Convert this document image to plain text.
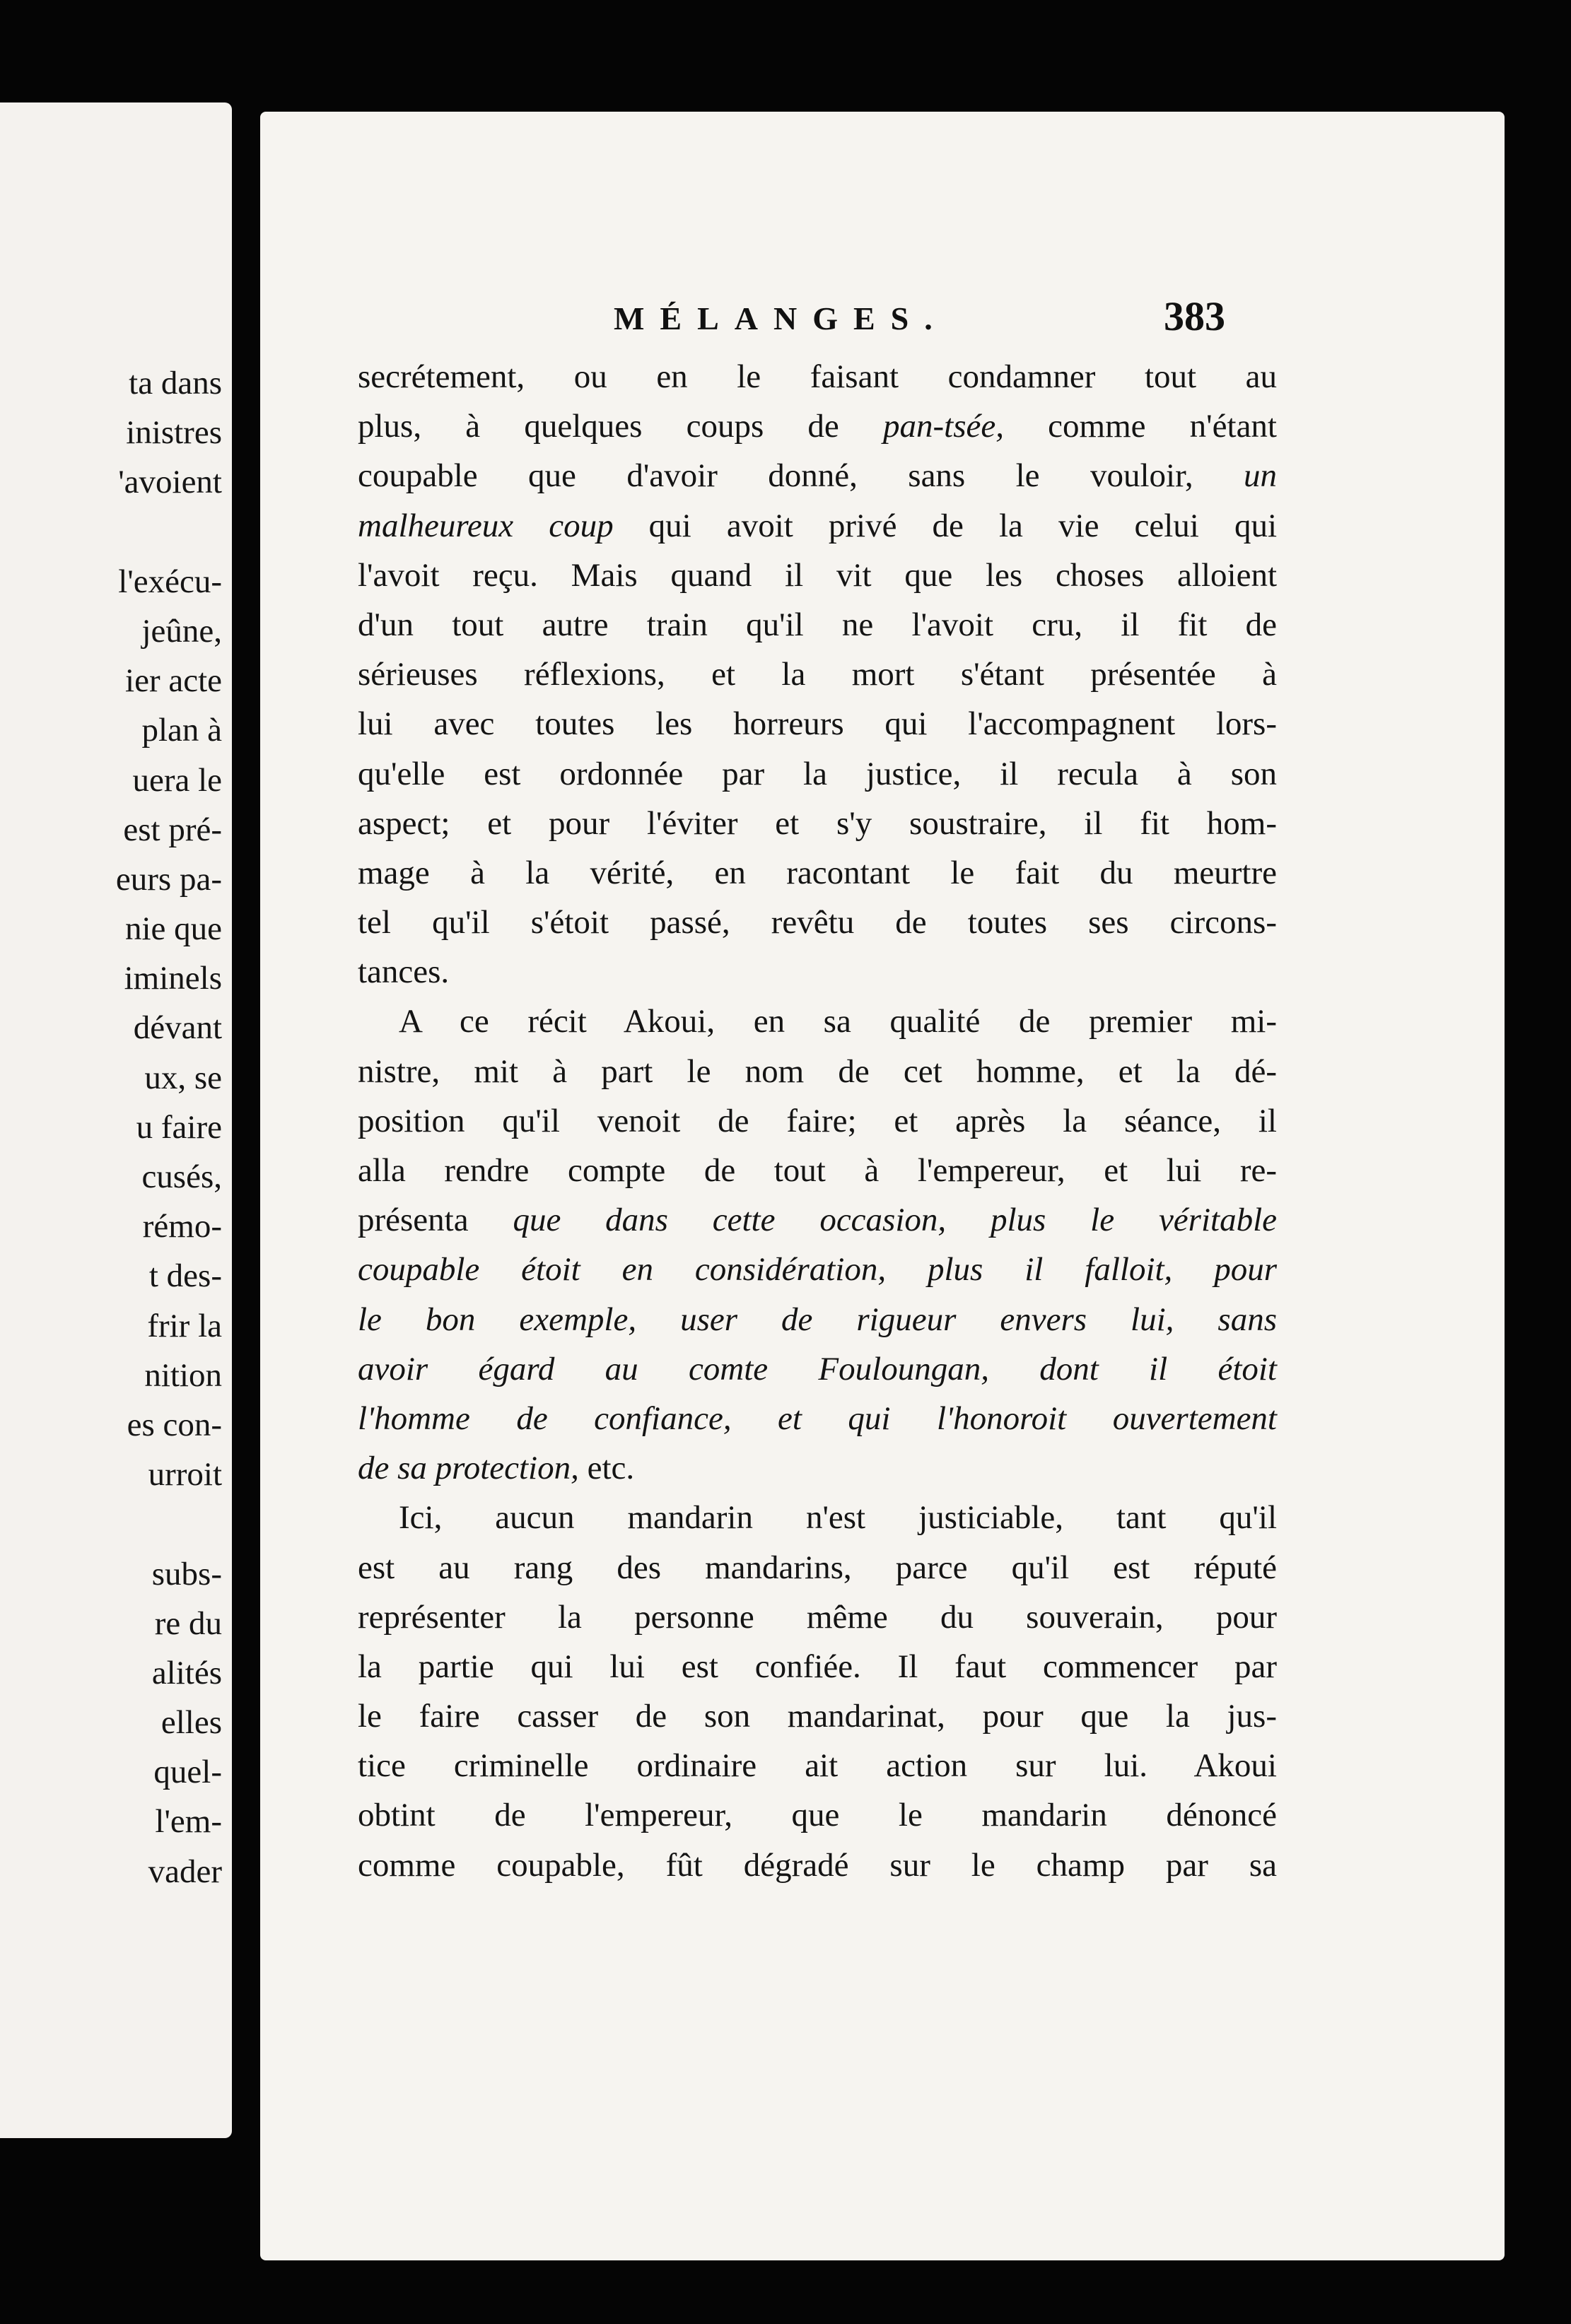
ta dans
inistres
'avoient
l'exécu-
jeûne,
ier acte
plan à
uera le
est pré-
eurs pa-
nie que
iminels
dévant
ux, se
u faire
cusés,
rémo-
t des-
frir la
nition
es con-
urroit
subs-
re du
alités
elles
quel-
l'em-
vader
MÉLANGES.	383
secrétement, ou en le faisant condamner tout au
plus, à quelques coups de pan-tsée, comme n'étant
coupable que d'avoir donné, sans le vouloir, un
malheureux coup qui avoit privé de la vie celui qui
l'avoit reçu. Mais quand il vit que les choses alloient
d'un tout autre train qu'il ne l'avoit cru, il fit de
sérieuses réflexions, et la mort s'étant présentée à
lui avec toutes les horreurs qui l'accompagnent lors-
qu'elle est ordonnée par la justice, il recula à son
aspect; et pour l'éviter et s'y soustraire, il fit hom-
mage à la vérité, en racontant le fait du meurtre
tel qu'il s'étoit passé, revêtu de toutes ses circons-
tances.
A ce récit Akoui, en sa qualité de premier mi-
nistre, mit à part le nom de cet homme, et la dé-
position qu'il venoit de faire; et après la séance, il
alla rendre compte de tout à l'empereur, et lui re-
présenta que dans cette occasion, plus le véritable
coupable étoit en considération, plus il falloit, pour
le bon exemple, user de rigueur envers lui, sans
avoir égard au comte Fouloungan, dont il étoit
l'homme de confiance, et qui l'honoroit ouvertement
de sa protection, etc.
Ici, aucun mandarin n'est justiciable, tant qu'il
est au rang des mandarins, parce qu'il est réputé
représenter la personne même du souverain, pour
la partie qui lui est confiée. Il faut commencer par
le faire casser de son mandarinat, pour que la jus-
tice criminelle ordinaire ait action sur lui. Akoui
obtint de l'empereur, que le mandarin dénoncé
comme coupable, fût dégradé sur le champ par sa
